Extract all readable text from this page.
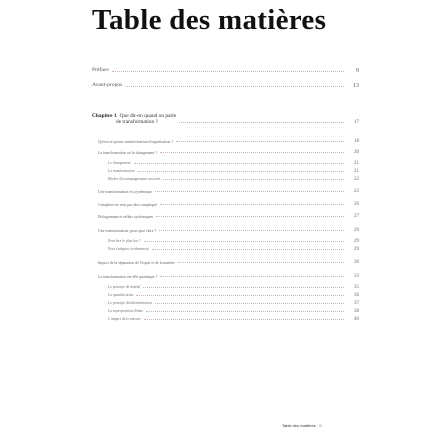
Table des matières
Préface	9
Avant-propos	13
Chapitre 1 Que dit-on quand on parle
de transformation ?	17
Qu'est-ce qu'une transformation d'organisation ?	18
La transformation ou le changement ?	20
Le changement	21
La transformation	21
Modes d'accompagnement associés	22
Une transformation est systémique	23
Complexe ne veut pas dire compliqué	26
Hologramme et reflets systémiques	27
Une transformation, pour quoi faire ?	29
Pour être le plus fort ?	29
Pour s'adapter, évidemment	29
Impact de la séparation de l'esprit et de la matière	30
La transformation est-elle quantique ?	33
Le principe de dualité	35
La quantification	36
Le principe d'indétermination	37
La superposition d'états	38
L'impact de la mesure	40
Table des matières III
